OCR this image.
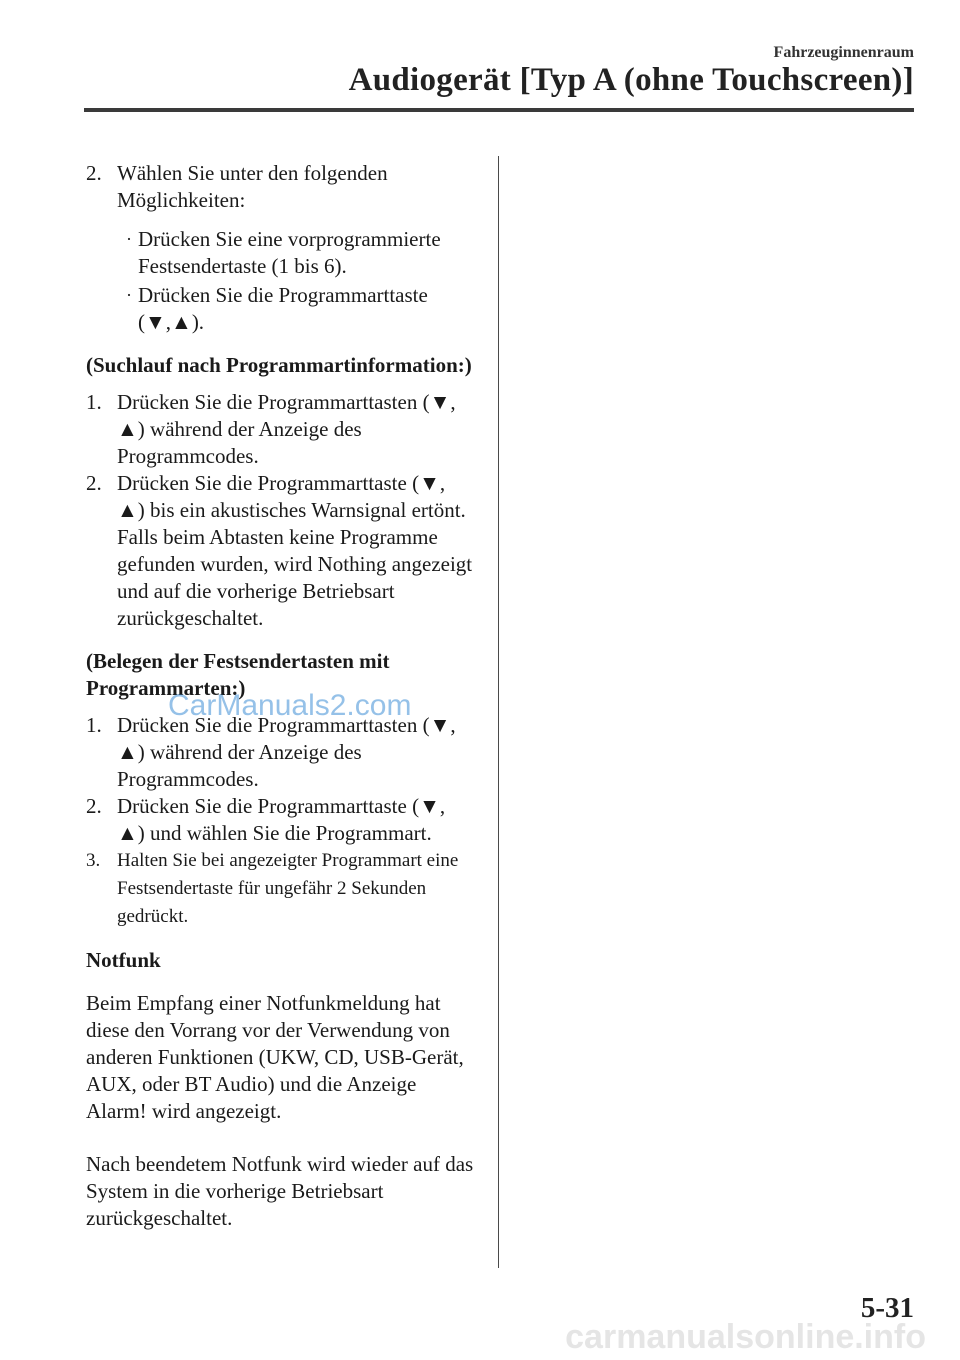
Fahrzeuginnenraum
Audiogerät [Typ A (ohne Touchscreen)]
2. Wählen Sie unter den folgenden Möglichkeiten:
· Drücken Sie eine vorprogrammierte Festsendertaste (1 bis 6).
· Drücken Sie die Programmarttaste (▼,▲).
(Suchlauf nach Programmartinformation:)
1. Drücken Sie die Programmarttasten (▼, ▲) während der Anzeige des Programmcodes.
2. Drücken Sie die Programmarttaste (▼, ▲) bis ein akustisches Warnsignal ertönt.
Falls beim Abtasten keine Programme gefunden wurden, wird Nothing angezeigt und auf die vorherige Betriebsart zurückgeschaltet.
(Belegen der Festsendertasten mit Programmarten:)
1. Drücken Sie die Programmarttasten (▼, ▲) während der Anzeige des Programmcodes.
2. Drücken Sie die Programmarttaste (▼, ▲) und wählen Sie die Programmart.
3. Halten Sie bei angezeigter Programmart eine Festsendertaste für ungefähr 2 Sekunden gedrückt.
Notfunk
Beim Empfang einer Notfunkmeldung hat diese den Vorrang vor der Verwendung von anderen Funktionen (UKW, CD, USB-Gerät, AUX, oder BT Audio) und die Anzeige Alarm! wird angezeigt.
Nach beendetem Notfunk wird wieder auf das System in die vorherige Betriebsart zurückgeschaltet.
CarManuals2.com
5-31
carmanualsonline.info
